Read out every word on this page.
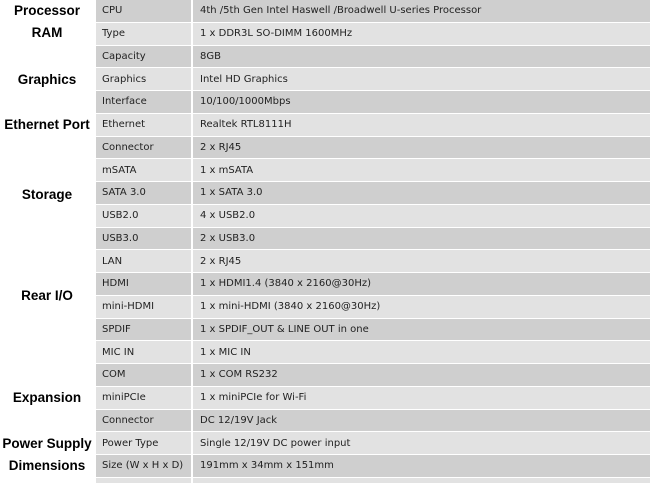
Processor	CPU	4th /5th Gen Intel Haswell /Broadwell U-series Processor
RAM	Type	1 x DDR3L SO-DIMM 1600MHz
	Capacity	8GB
Graphics	Graphics	Intel HD Graphics
Ethernet Port	Interface	10/100/1000Mbps
	Ethernet	Realtek RTL8111H
	Connector	2 x RJ45
Storage	mSATA	1 x mSATA
	SATA 3.0	1 x SATA 3.0
Rear I/O	USB2.0	4 x USB2.0
	USB3.0	2 x USB3.0
	LAN	2 x RJ45
	HDMI	1 x HDMI1.4 (3840 x 2160@30Hz)
	mini-HDMI	1 x mini-HDMI (3840 x 2160@30Hz)
	SPDIF	1 x SPDIF_OUT & LINE OUT in one
	MIC IN	1 x MIC IN
	COM	1 x COM RS232
Expansion	miniPCIe	1 x miniPCIe for Wi-Fi
	Connector	DC 12/19V Jack
Power Supply	Power Type	Single 12/19V DC power input
Dimensions	Size (W x H x D)	191mm x 34mm x 151mm
